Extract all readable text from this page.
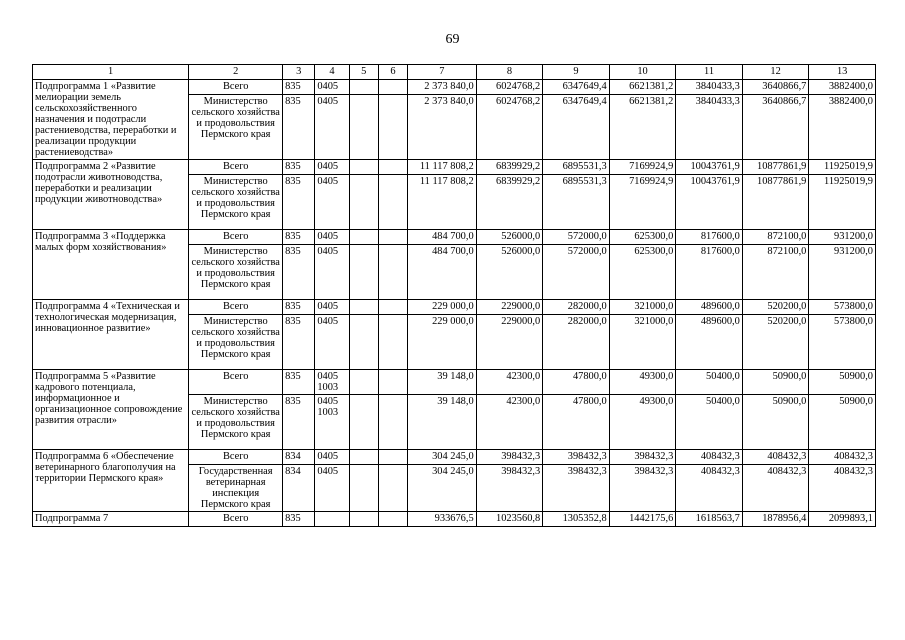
69
1	2	3	4	5	6	7	8	9	10	11	12	13
Подпрограмма 1 «Развитие мелиорации земель сельскохозяйственного назначения и подотрасли растениеводства, переработки и реализации продукции растениеводства»	Всего	835	0405			2 373 840,0	6024768,2	6347649,4	6621381,2	3840433,3	3640866,7	3882400,0
	Министерство сельского хозяйства и продовольствия Пермского края	835	0405			2 373 840,0	6024768,2	6347649,4	6621381,2	3840433,3	3640866,7	3882400,0
Подпрограмма 2 «Развитие подотрасли животноводства, переработки и реализации продукции животноводства»	Всего	835	0405			11 117 808,2	6839929,2	6895531,3	7169924,9	10043761,9	10877861,9	11925019,9
	Министерство сельского хозяйства и продовольствия Пермского края	835	0405			11 117 808,2	6839929,2	6895531,3	7169924,9	10043761,9	10877861,9	11925019,9
Подпрограмма 3 «Поддержка малых форм хозяйствования»	Всего	835	0405			484 700,0	526000,0	572000,0	625300,0	817600,0	872100,0	931200,0
	Министерство сельского хозяйства и продовольствия Пермского края	835	0405			484 700,0	526000,0	572000,0	625300,0	817600,0	872100,0	931200,0
Подпрограмма 4 «Техническая и технологическая модернизация, инновационное развитие»	Всего	835	0405			229 000,0	229000,0	282000,0	321000,0	489600,0	520200,0	573800,0
	Министерство сельского хозяйства и продовольствия Пермского края	835	0405			229 000,0	229000,0	282000,0	321000,0	489600,0	520200,0	573800,0
Подпрограмма 5 «Развитие кадрового потенциала, информационное и организационное сопровождение развития отрасли»	Всего	835	0405 1003			39 148,0	42300,0	47800,0	49300,0	50400,0	50900,0	50900,0
	Министерство сельского хозяйства и продовольствия Пермского края	835	0405 1003			39 148,0	42300,0	47800,0	49300,0	50400,0	50900,0	50900,0
Подпрограмма 6 «Обеспечение ветеринарного благополучия на территории Пермского края»	Всего	834	0405			304 245,0	398432,3	398432,3	398432,3	408432,3	408432,3	408432,3
	Государственная ветеринарная инспекция Пермского края	834	0405			304 245,0	398432,3	398432,3	398432,3	408432,3	408432,3	408432,3
Подпрограмма 7	Всего	835				933676,5	1023560,8	1305352,8	1442175,6	1618563,7	1878956,4	2099893,1
